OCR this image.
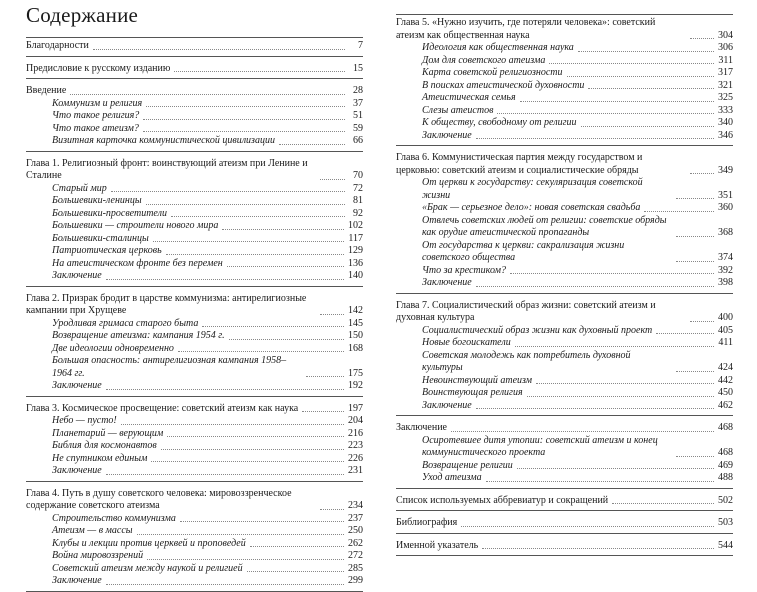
Содержание
Благодарности	7
Предисловие к русскому изданию	15
Введение	28
Коммунизм и религия	37
Что такое религия?	51
Что такое атеизм?	59
Визитная карточка коммунистической цивилизации	66
Глава 1. Религиозный фронт: воинствующий атеизм при Ленине и Сталине	70
Старый мир	72
Большевики-ленинцы	81
Большевики-просветители	92
Большевики — строители нового мира	102
Большевики-сталинцы	117
Патриотическая церковь	129
На атеистическом фронте без перемен	136
Заключение	140
Глава 2. Призрак бродит в царстве коммунизма: антирелигиозные кампании при Хрущеве	142
Уродливая гримаса старого быта	145
Возвращение атеизма: кампания 1954 г.	150
Две идеологии одновременно	168
Большая опасность: антирелигиозная кампания 1958–1964 гг.	175
Заключение	192
Глава 3. Космическое просвещение: советский атеизм как наука	197
Небо — пусто!	204
Планетарий — верующим	216
Библия для космонавтов	223
Не спутником единым	226
Заключение	231
Глава 4. Путь в душу советского человека: мировоззренческое содержание советского атеизма	234
Строительство коммунизма	237
Атеизм — в массы	250
Клубы и лекции против церквей и проповедей	262
Война мировоззрений	272
Советский атеизм между наукой и религией	285
Заключение	299
Глава 5. «Нужно изучить, где потеряли человека»: советский атеизм как общественная наука	304
Идеология как общественная наука	306
Дом для советского атеизма	311
Карта советской религиозности	317
В поисках атеистической духовности	321
Атеистическая семья	325
Слезы атеистов	333
К обществу, свободному от религии	340
Заключение	346
Глава 6. Коммунистическая партия между государством и церковью: советский атеизм и социалистические обряды	349
От церкви к государству: секуляризация советской жизни	351
«Брак — серьезное дело»: новая советская свадьба	360
Отвлечь советских людей от религии: советские обряды как орудие атеистической пропаганды	368
От государства к церкви: сакрализация жизни советского общества	374
Что за крестиком?	392
Заключение	398
Глава 7. Социалистический образ жизни: советский атеизм и духовная культура	400
Социалистический образ жизни как духовный проект	405
Новые богоискатели	411
Советская молодежь как потребитель духовной культуры	424
Невоинствующий атеизм	442
Воинствующая религия	450
Заключение	462
Заключение	468
Осиротевшее дитя утопии: советский атеизм и конец коммунистического проекта	468
Возвращение религии	469
Уход атеизма	488
Список используемых аббревиатур и сокращений	502
Библиография	503
Именной указатель	544
